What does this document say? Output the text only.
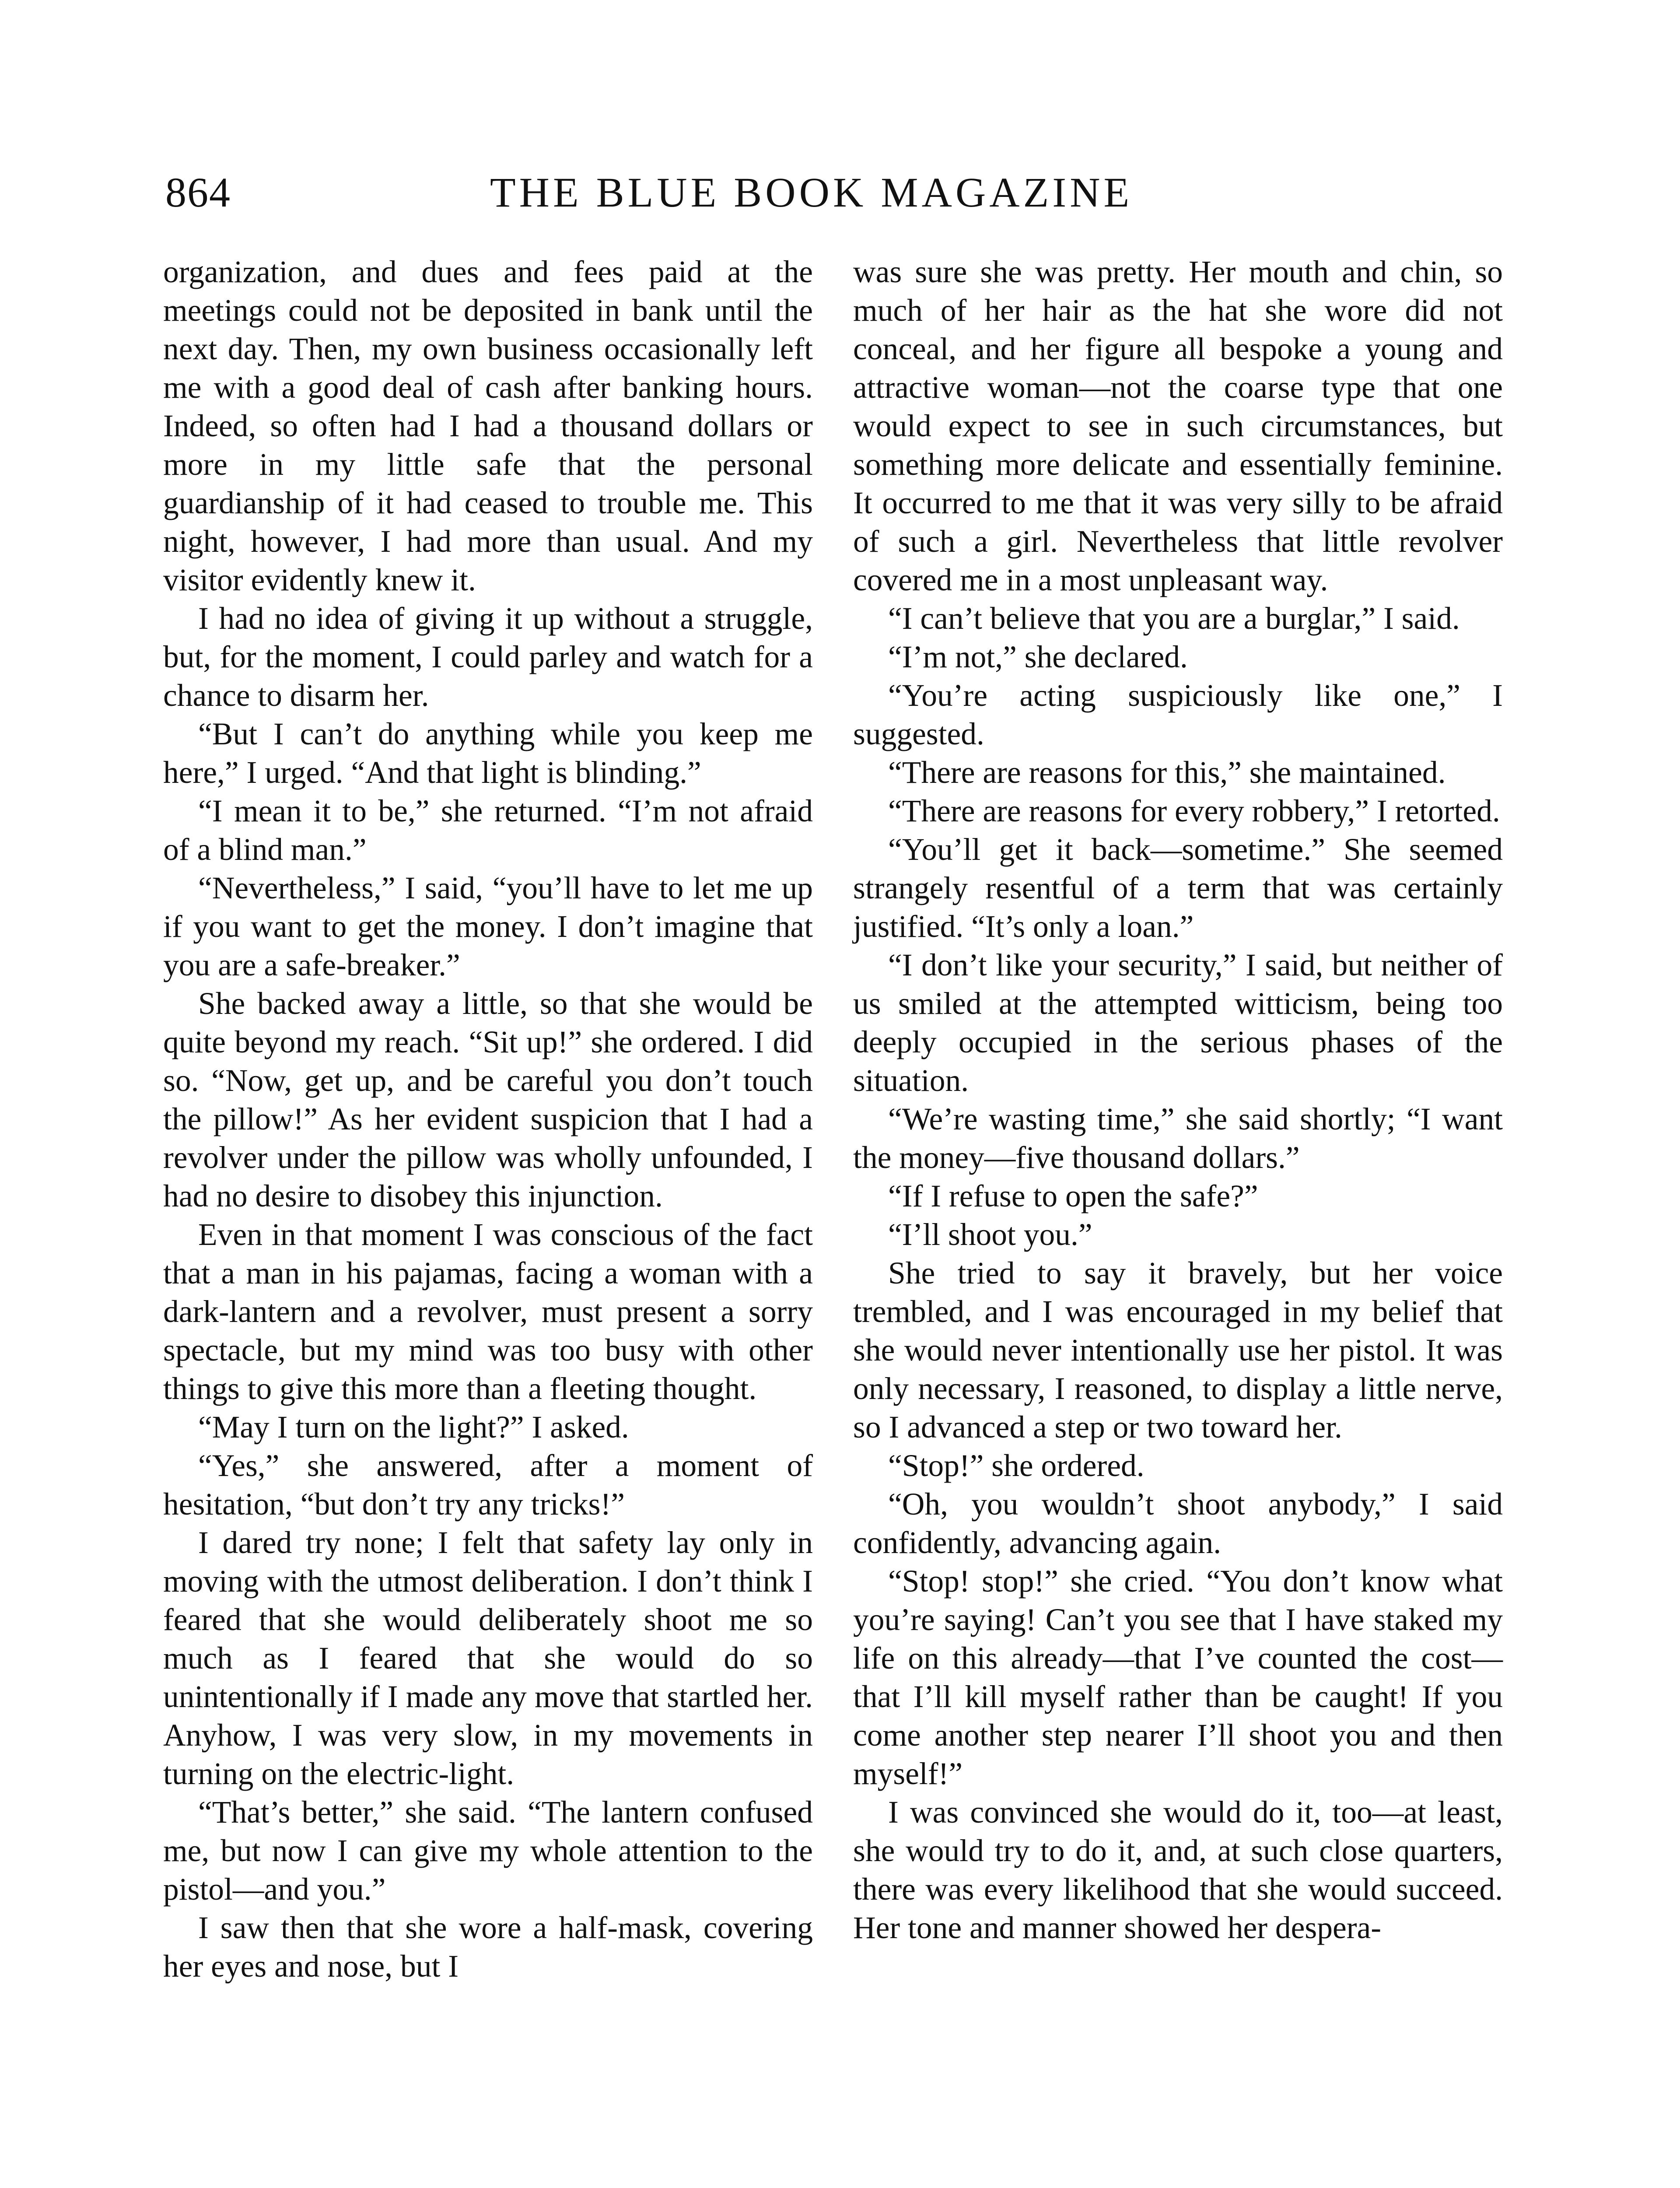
864	THE BLUE BOOK MAGAZINE

organization, and dues and fees paid at the meetings could not be deposited in bank until the next day. Then, my own business occasionally left me with a good deal of cash after banking hours. Indeed, so often had I had a thousand dollars or more in my little safe that the personal guardianship of it had ceased to trouble me. This night, however, I had more than usual. And my visitor evidently knew it.

I had no idea of giving it up without a struggle, but, for the moment, I could parley and watch for a chance to disarm her.

“But I can’t do anything while you keep me here,” I urged. “And that light is blinding.”

“I mean it to be,” she returned. “I’m not afraid of a blind man.”

“Nevertheless,” I said, “you’ll have to let me up if you want to get the money. I don’t imagine that you are a safe-breaker.”

She backed away a little, so that she would be quite beyond my reach. “Sit up!” she ordered. I did so. “Now, get up, and be careful you don’t touch the pillow!” As her evident suspicion that I had a revolver under the pillow was wholly unfounded, I had no desire to disobey this injunction.

Even in that moment I was conscious of the fact that a man in his pajamas, facing a woman with a dark-lantern and a revolver, must present a sorry spectacle, but my mind was too busy with other things to give this more than a fleeting thought.

“May I turn on the light?” I asked.

“Yes,” she answered, after a moment of hesitation, “but don’t try any tricks!”

I dared try none; I felt that safety lay only in moving with the utmost deliberation. I don’t think I feared that she would deliberately shoot me so much as I feared that she would do so unintentionally if I made any move that startled her. Anyhow, I was very slow, in my movements in turning on the electric-light.

“That’s better,” she said. “The lantern confused me, but now I can give my whole attention to the pistol—and you.”

I saw then that she wore a half-mask, covering her eyes and nose, but I

was sure she was pretty. Her mouth and chin, so much of her hair as the hat she wore did not conceal, and her figure all bespoke a young and attractive woman—not the coarse type that one would expect to see in such circumstances, but something more delicate and essentially feminine. It occurred to me that it was very silly to be afraid of such a girl. Nevertheless that little revolver covered me in a most unpleasant way.

“I can’t believe that you are a burglar,” I said.

“I’m not,” she declared.

“You’re acting suspiciously like one,” I suggested.

“There are reasons for this,” she maintained.

“There are reasons for every robbery,” I retorted.

“You’ll get it back—sometime.” She seemed strangely resentful of a term that was certainly justified. “It’s only a loan.”

“I don’t like your security,” I said, but neither of us smiled at the attempted witticism, being too deeply occupied in the serious phases of the situation.

“We’re wasting time,” she said shortly; “I want the money—five thousand dollars.”

“If I refuse to open the safe?”

“I’ll shoot you.”

She tried to say it bravely, but her voice trembled, and I was encouraged in my belief that she would never intentionally use her pistol. It was only necessary, I reasoned, to display a little nerve, so I advanced a step or two toward her.

“Stop!” she ordered.

“Oh, you wouldn’t shoot anybody,” I said confidently, advancing again.

“Stop! stop!” she cried. “You don’t know what you’re saying! Can’t you see that I have staked my life on this already—that I’ve counted the cost—that I’ll kill myself rather than be caught! If you come another step nearer I’ll shoot you and then myself!”

I was convinced she would do it, too—at least, she would try to do it, and, at such close quarters, there was every likelihood that she would succeed. Her tone and manner showed her despera-
